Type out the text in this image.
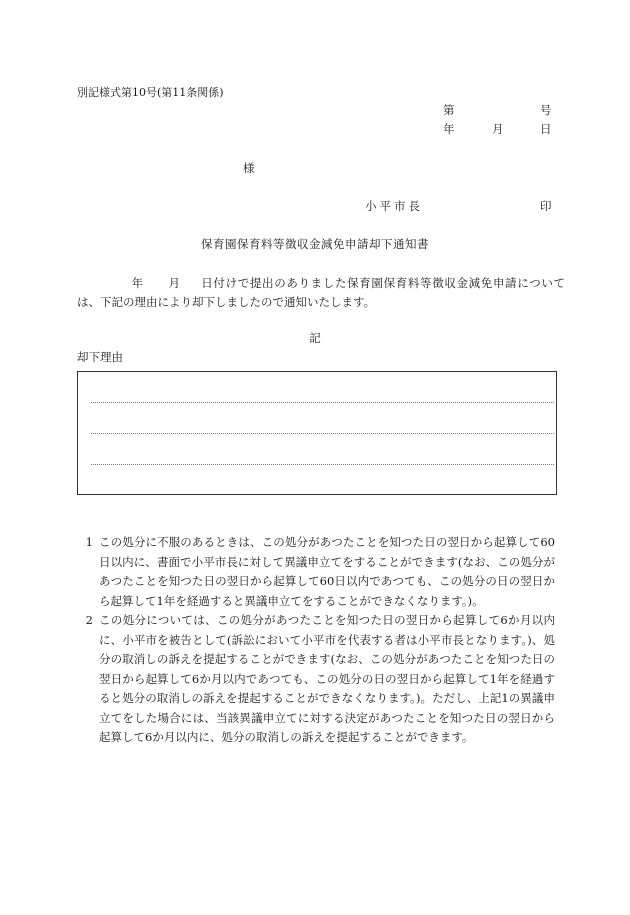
別記様式第10号(第11条関係)
第	号
年	月	日
様
小平市長	印
保育園保育料等徴収金減免申請却下通知書
年 月 日付けで提出のありました保育園保育料等徴収金減免申請については、下記の理由により却下しましたので通知いたします。
記
却下理由
1 この処分に不服のあるときは、この処分があつたことを知つた日の翌日から起算して60日以内に、書面で小平市長に対して異議申立てをすることができます(なお、この処分があつたことを知つた日の翌日から起算して60日以内であつても、この処分の日の翌日から起算して1年を経過すると異議申立てをすることができなくなります。)。
2 この処分については、この処分があつたことを知つた日の翌日から起算して6か月以内に、小平市を被告として(訴訟において小平市を代表する者は小平市長となります。)、処分の取消しの訴えを提起することができます(なお、この処分があつたことを知つた日の翌日から起算して6か月以内であつても、この処分の日の翌日から起算して1年を経過すると処分の取消しの訴えを提起することができなくなります。)。ただし、上記1の異議申立てをした場合には、当該異議申立てに対する決定があつたことを知つた日の翌日から起算して6か月以内に、処分の取消しの訴えを提起することができます。
